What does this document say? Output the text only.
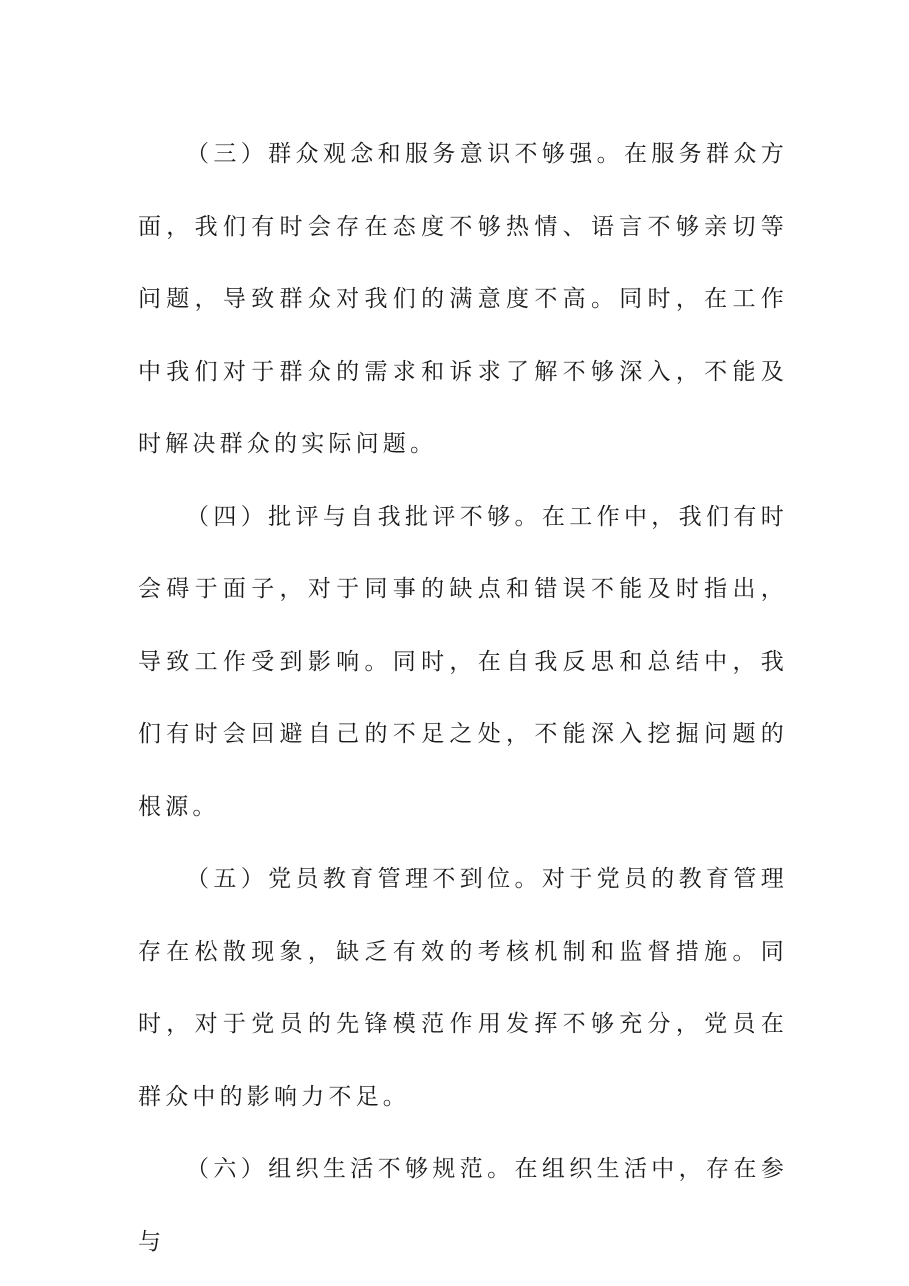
（三）群众观念和服务意识不够强。在服务群众方面，我们有时会存在态度不够热情、语言不够亲切等问题，导致群众对我们的满意度不高。同时，在工作中我们对于群众的需求和诉求了解不够深入，不能及时解决群众的实际问题。

（四）批评与自我批评不够。在工作中，我们有时会碍于面子，对于同事的缺点和错误不能及时指出，导致工作受到影响。同时，在自我反思和总结中，我们有时会回避自己的不足之处，不能深入挖掘问题的根源。

（五）党员教育管理不到位。对于党员的教育管理存在松散现象，缺乏有效的考核机制和监督措施。同时，对于党员的先锋模范作用发挥不够充分，党员在群众中的影响力不足。

（六）组织生活不够规范。在组织生活中，存在参与
